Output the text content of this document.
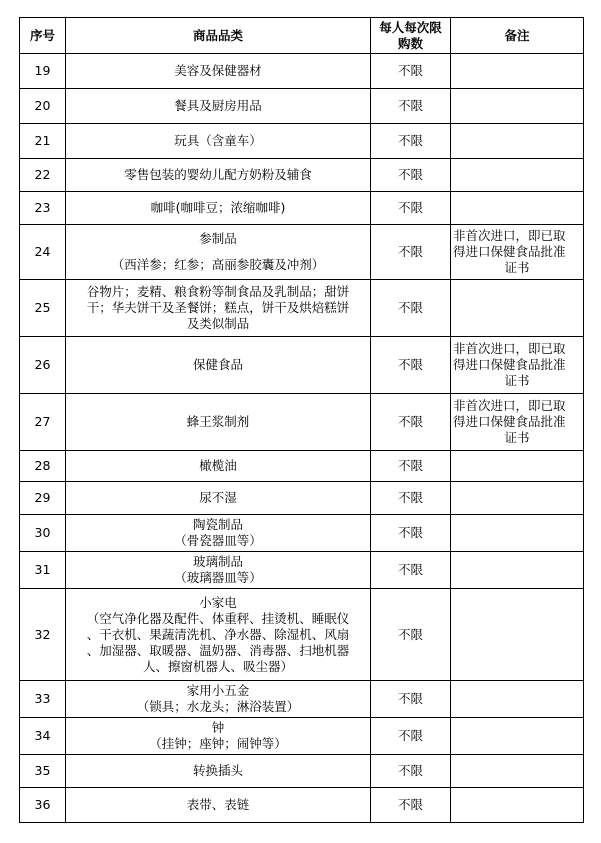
序号	商品品类	每人每次限购数	备注
19	美容及保健器材	不限	
20	餐具及厨房用品	不限	
21	玩具（含童车）	不限	
22	零售包装的婴幼儿配方奶粉及辅食	不限	
23	咖啡(咖啡豆；浓缩咖啡)	不限	
24	参制品
（西洋参；红参；高丽参胶囊及冲剂）	不限	非首次进口，即已取
得进口保健食品批准
证书

25	谷物片；麦精、粮食粉等制食品及乳制品；甜饼
干；华夫饼干及圣餐饼；糕点，饼干及烘焙糕饼
及类似制品	不限	
26	保健食品	不限	非首次进口，即已取
得进口保健食品批准
证书

27	蜂王浆制剂	不限	非首次进口，即已取
得进口保健食品批准
证书

28	橄榄油	不限	
29	尿不湿	不限	
30	陶瓷制品
（骨瓷器皿等）	不限	
31	玻璃制品
（玻璃器皿等）	不限	
32	小家电
（空气净化器及配件、体重秤、挂烫机、睡眠仪
、干衣机、果蔬清洗机、净水器、除湿机、风扇
、加湿器、取暖器、温奶器、消毒器、扫地机器
人、擦窗机器人、吸尘器）	不限	
33	家用小五金
（锁具；水龙头；淋浴装置）	不限	
34	钟
（挂钟；座钟；闹钟等）	不限	
35	转换插头	不限	
36	表带、表链	不限	
